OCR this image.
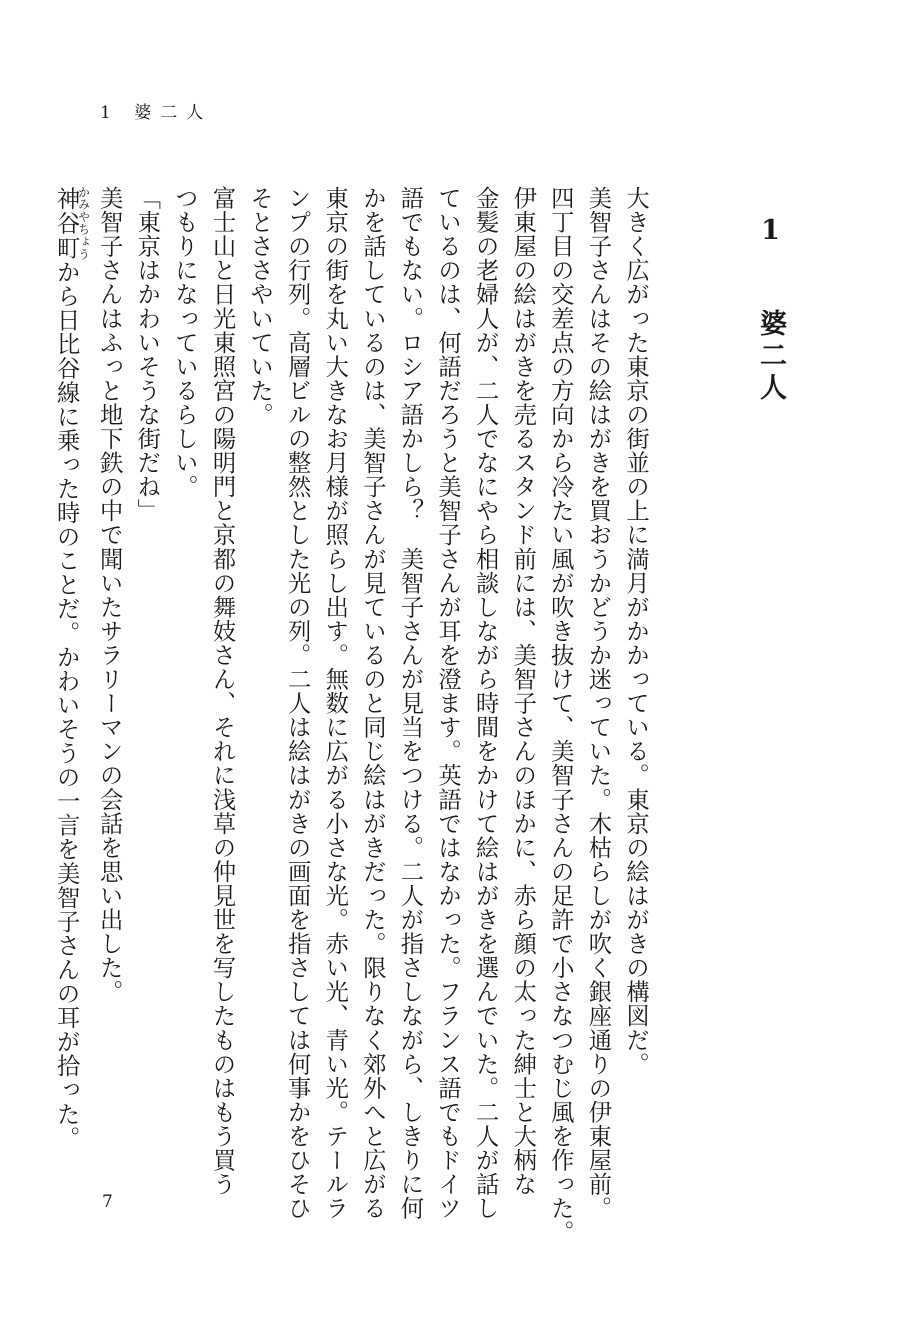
1 婆二人
1 婆二人

大きく広がった東京の街並の上に満月がかかっている。東京の絵はがきの構図だ。

美智子さんはその絵はがきを買おうかどうか迷っていた。木枯らしが吹く銀座通りの伊東屋前。

四丁目の交差点の方向から冷たい風が吹き抜けて、美智子さんの足許で小さなつむじ風を作った。

伊東屋の絵はがきを売るスタンド前には、美智子さんのほかに、赤ら顔の太った紳士と大柄な

金髪の老婦人が、二人でなにやら相談しながら時間をかけて絵はがきを選んでいた。二人が話し

ているのは、何語だろうと美智子さんが耳を澄ます。英語ではなかった。フランス語でもドイツ

語でもない。ロシア語かしら？　美智子さんが見当をつける。二人が指さしながら、しきりに何

かを話しているのは、美智子さんが見ているのと同じ絵はがきだった。限りなく郊外へと広がる

東京の街を丸い大きなお月様が照らし出す。無数に広がる小さな光。赤い光、青い光。テールラ

ンプの行列。高層ビルの整然とした光の列。二人は絵はがきの画面を指さしては何事かをひそひ

そとささやいていた。

富士山と日光東照宮の陽明門と京都の舞妓さん、それに浅草の仲見世を写したものはもう買う

つもりになっているらしい。

「東京はかわいそうな街だね」

美智子さんはふっと地下鉄の中で聞いたサラリーマンの会話を思い出した。

神谷町かみやちょうから日比谷線に乗った時のことだ。かわいそうの一言を美智子さんの耳が拾った。

7
